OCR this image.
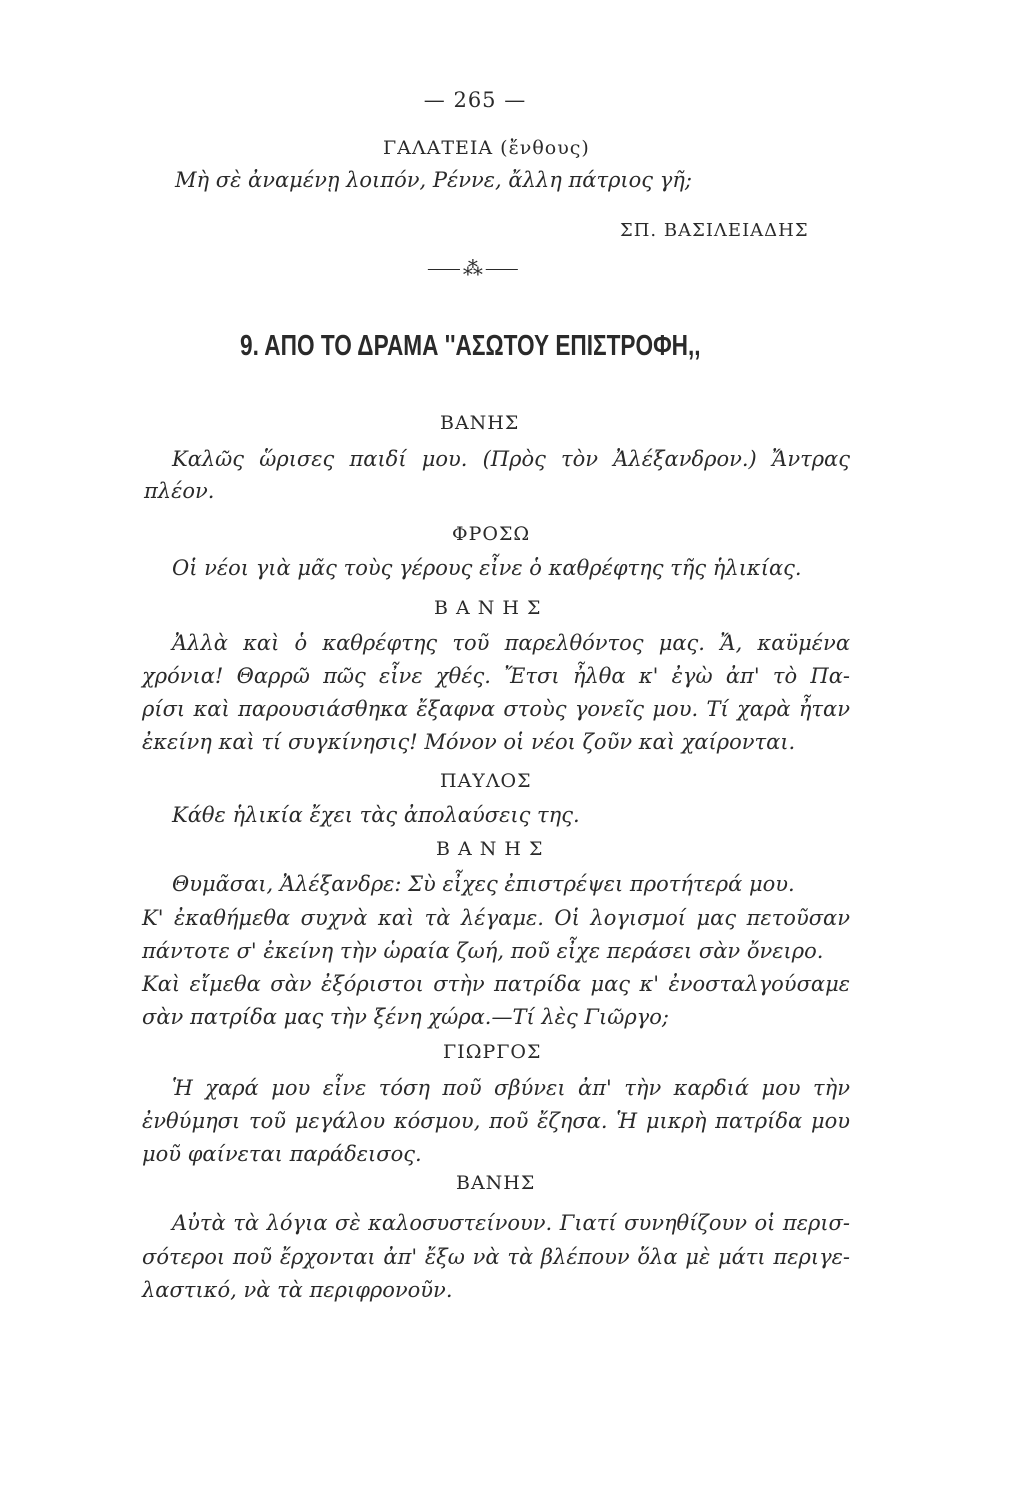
— 265 —
ΓΑΛΑΤΕΙΑ (ἔνθους)
Μὴ σὲ ἀναμένῃ λοιπόν, Ρέννε, ἄλλη πάτριος γῆ;
ΣΠ. ΒΑΣΙΛΕΙΑΔΗΣ
⸺⁂⸺
9. ΑΠΟ ΤΟ ΔΡΑΜΑ ''ΑΣΩΤΟΥ ΕΠΙΣΤΡΟΦΗ,,
ΒΑΝΗΣ
Καλῶς ὥρισες παιδί μου. (Πρὸς τὸν Ἀλέξανδρον.) Ἄντρας
πλέον.
ΦΡΟΣΩ
Οἱ νέοι γιὰ μᾶς τοὺς γέρους εἶνε ὁ καθρέφτης τῆς ἡλικίας.
Β Α Ν Η Σ
Ἀλλὰ καὶ ὁ καθρέφτης τοῦ παρελθόντος μας. Ἄ, καϋμένα
χρόνια! Θαρρῶ πῶς εἶνε χθές. Ἔτσι ἦλθα κ' ἐγὼ ἀπ' τὸ Πα-
ρίσι καὶ παρουσιάσθηκα ἔξαφνα στοὺς γονεῖς μου. Τί χαρὰ ἦταν
ἐκείνη καὶ τί συγκίνησις! Μόνον οἱ νέοι ζοῦν καὶ χαίρονται.
ΠΑΥΛΟΣ
Κάθε ἡλικία ἔχει τὰς ἀπολαύσεις της.
Β Α Ν Η Σ
Θυμᾶσαι, Ἀλέξανδρε: Σὺ εἶχες ἐπιστρέψει προτήτερά μου.
Κ' ἐκαθήμεθα συχνὰ καὶ τὰ λέγαμε. Οἱ λογισμοί μας πετοῦσαν
πάντοτε σ' ἐκείνη τὴν ὡραία ζωή, ποῦ εἶχε περάσει σὰν ὄνειρο.
Καὶ εἴμεθα σὰν ἐξόριστοι στὴν πατρίδα μας κ' ἐνοσταλγούσαμε
σὰν πατρίδα μας τὴν ξένη χώρα.—Τί λὲς Γιῶργο;
ΓΙΩΡΓΟΣ
Ἡ χαρά μου εἶνε τόση ποῦ σβύνει ἀπ' τὴν καρδιά μου τὴν
ἐνθύμησι τοῦ μεγάλου κόσμου, ποῦ ἔζησα. Ἡ μικρὴ πατρίδα μου
μοῦ φαίνεται παράδεισος.
ΒΑΝΗΣ
Αὐτὰ τὰ λόγια σὲ καλοσυστείνουν. Γιατί συνηθίζουν οἱ περισ-
σότεροι ποῦ ἔρχονται ἀπ' ἔξω νὰ τὰ βλέπουν ὅλα μὲ μάτι περιγε-
λαστικό, νὰ τὰ περιφρονοῦν.
